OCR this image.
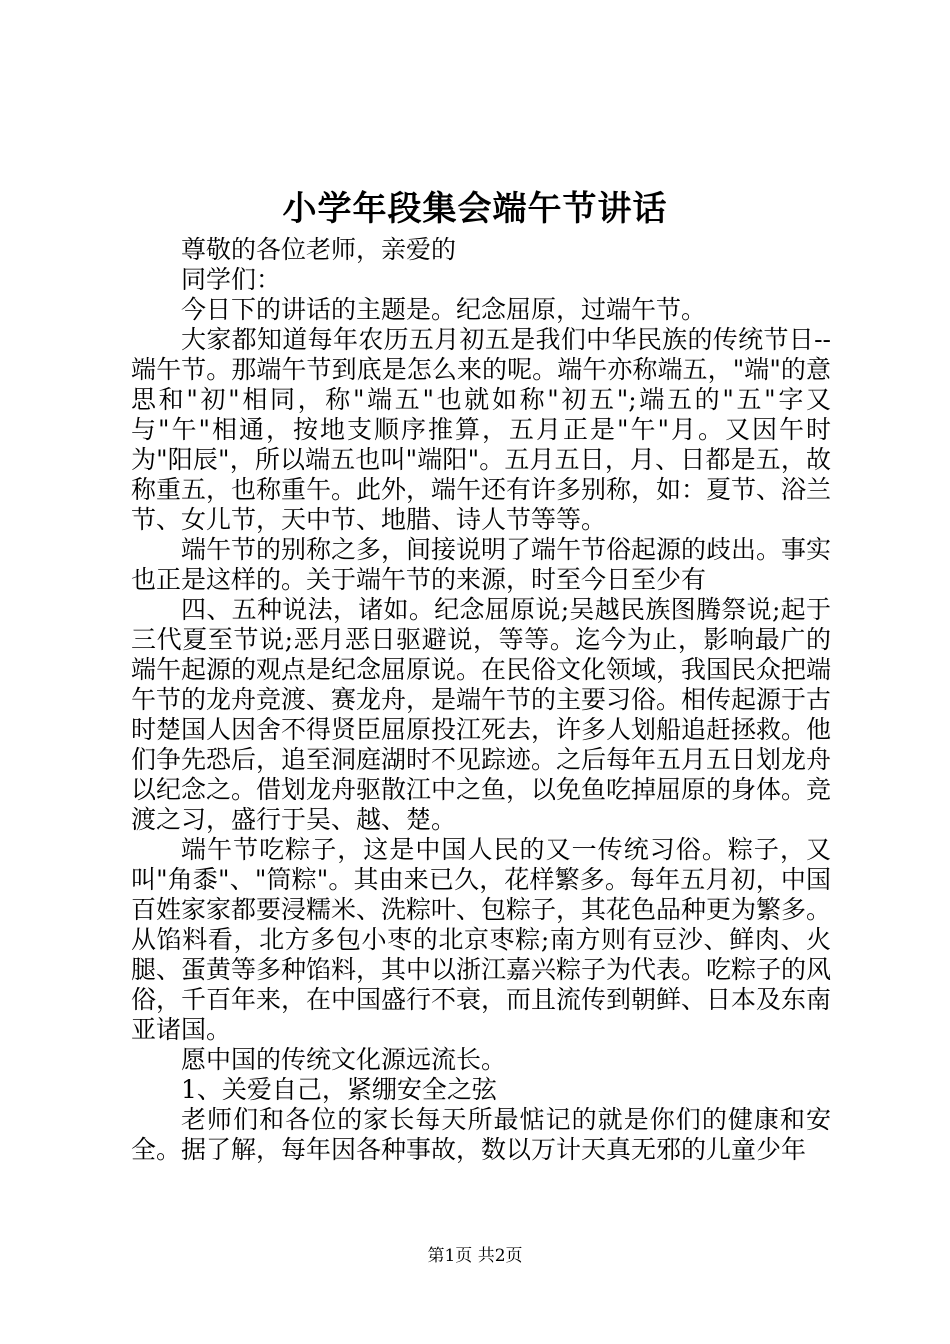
小学年段集会端午节讲话

尊敬的各位老师，亲爱的

同学们：

今日下的讲话的主题是。纪念屈原，过端午节。

大家都知道每年农历五月初五是我们中华民族的传统节日--端午节。那端午节到底是怎么来的呢。端午亦称端五，"端"的意思和"初"相同，称"端五"也就如称"初五";端五的"五"字又与"午"相通，按地支顺序推算，五月正是"午"月。又因午时为"阳辰"，所以端五也叫"端阳"。五月五日，月、日都是五，故称重五，也称重午。此外，端午还有许多别称，如：夏节、浴兰节、女儿节，天中节、地腊、诗人节等等。

端午节的别称之多，间接说明了端午节俗起源的歧出。事实也正是这样的。关于端午节的来源，时至今日至少有

四、五种说法，诸如。纪念屈原说;吴越民族图腾祭说;起于三代夏至节说;恶月恶日驱避说，等等。迄今为止，影响最广的端午起源的观点是纪念屈原说。在民俗文化领域，我国民众把端午节的龙舟竞渡、赛龙舟，是端午节的主要习俗。相传起源于古时楚国人因舍不得贤臣屈原投江死去，许多人划船追赶拯救。他们争先恐后，追至洞庭湖时不见踪迹。之后每年五月五日划龙舟以纪念之。借划龙舟驱散江中之鱼，以免鱼吃掉屈原的身体。竞渡之习，盛行于吴、越、楚。

端午节吃粽子，这是中国人民的又一传统习俗。粽子，又叫"角黍"、"筒粽"。其由来已久，花样繁多。每年五月初，中国百姓家家都要浸糯米、洗粽叶、包粽子，其花色品种更为繁多。从馅料看，北方多包小枣的北京枣粽;南方则有豆沙、鲜肉、火腿、蛋黄等多种馅料，其中以浙江嘉兴粽子为代表。吃粽子的风俗，千百年来，在中国盛行不衰，而且流传到朝鲜、日本及东南亚诸国。

愿中国的传统文化源远流长。

1、关爱自己，紧绷安全之弦

老师们和各位的家长每天所最惦记的就是你们的健康和安全。据了解，每年因各种事故，数以万计天真无邪的儿童少年

第1页 共2页
